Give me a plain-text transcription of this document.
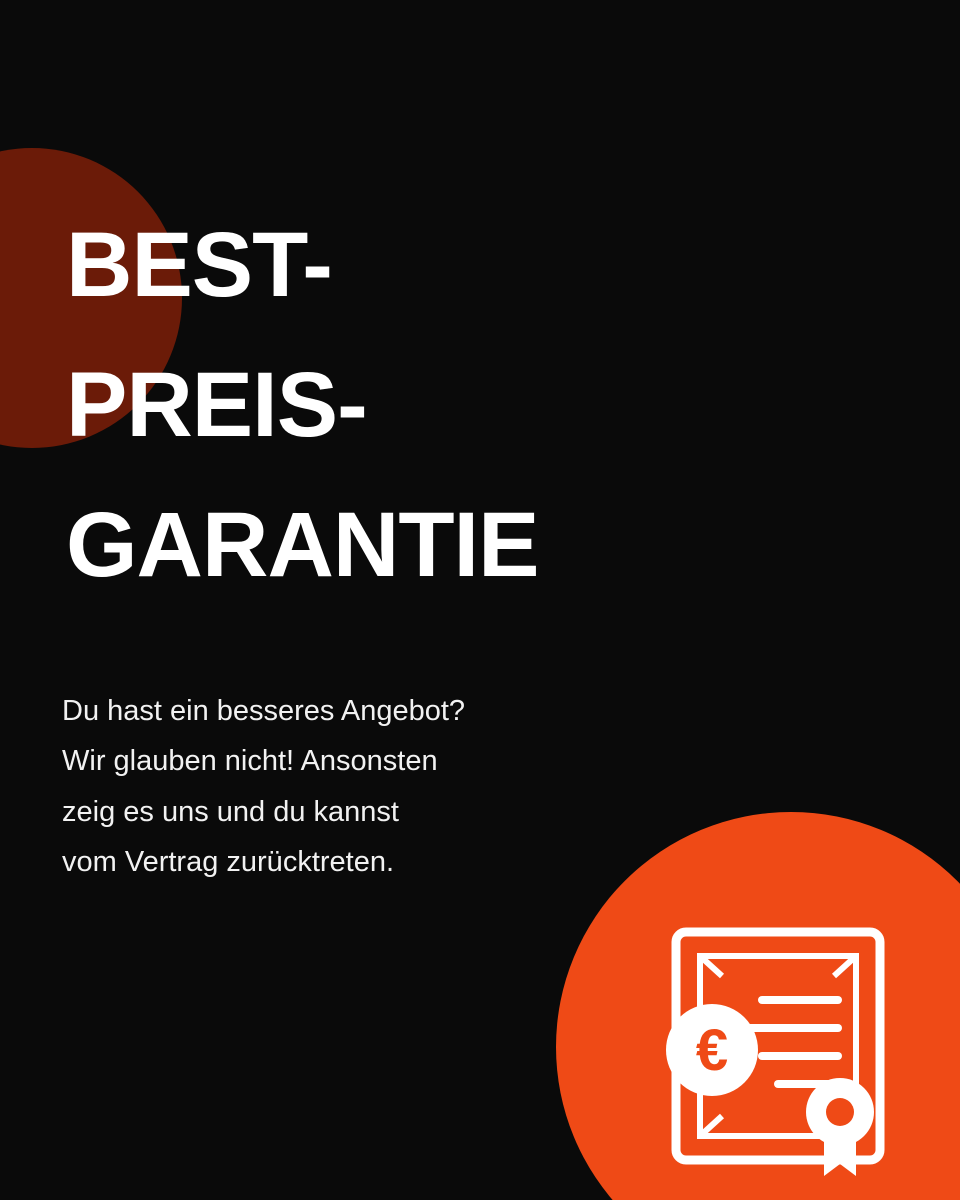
BEST-
PREIS-
GARANTIE
Du hast ein besseres Angebot?
Wir glauben nicht! Ansonsten
zeig es uns und du kannst
vom Vertrag zurücktreten.
€
